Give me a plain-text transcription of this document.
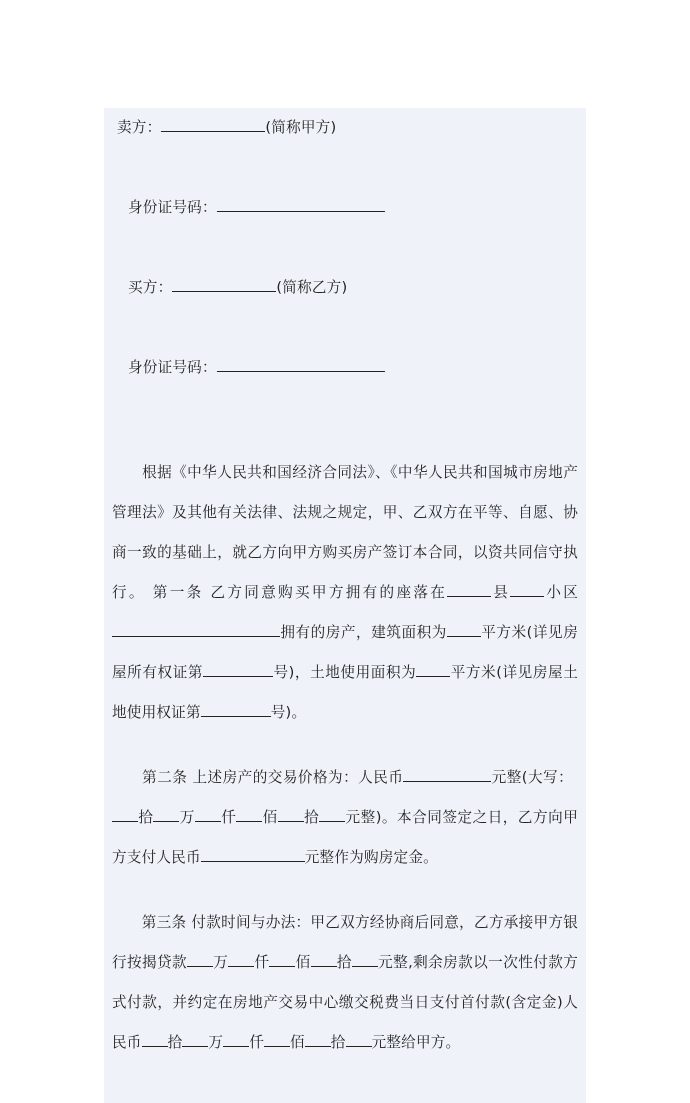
卖方：	(简称甲方)
身份证号码：
买方：	(简称乙方)
身份证号码：
根据《中华人民共和国经济合同法》、《中华人民共和国城市房地产管理法》及其他有关法律、法规之规定，甲、乙双方在平等、自愿、协商一致的基础上，就乙方向甲方购买房产签订本合同，以资共同信守执行。 第一条 乙方同意购买甲方拥有的座落在	县 小区拥有的房产，建筑面积为 平方米(详见房屋所有权证第	号)，土地使用面积为 平方米(详见房屋土地使用权证第	号)。
第二条 上述房产的交易价格为：人民币	元整(大写： 拾 万 仟 佰 拾 元整)。本合同签定之日，乙方向甲方支付人民币	元整作为购房定金。
第三条 付款时间与办法：甲乙双方经协商后同意，乙方承接甲方银行按揭贷款 万 仟 佰 拾 元整,剩余房款以一次性付款方式付款，并约定在房地产交易中心缴交税费当日支付首付款(含定金)人民币 拾 万 仟 佰 拾 元整给甲方。
